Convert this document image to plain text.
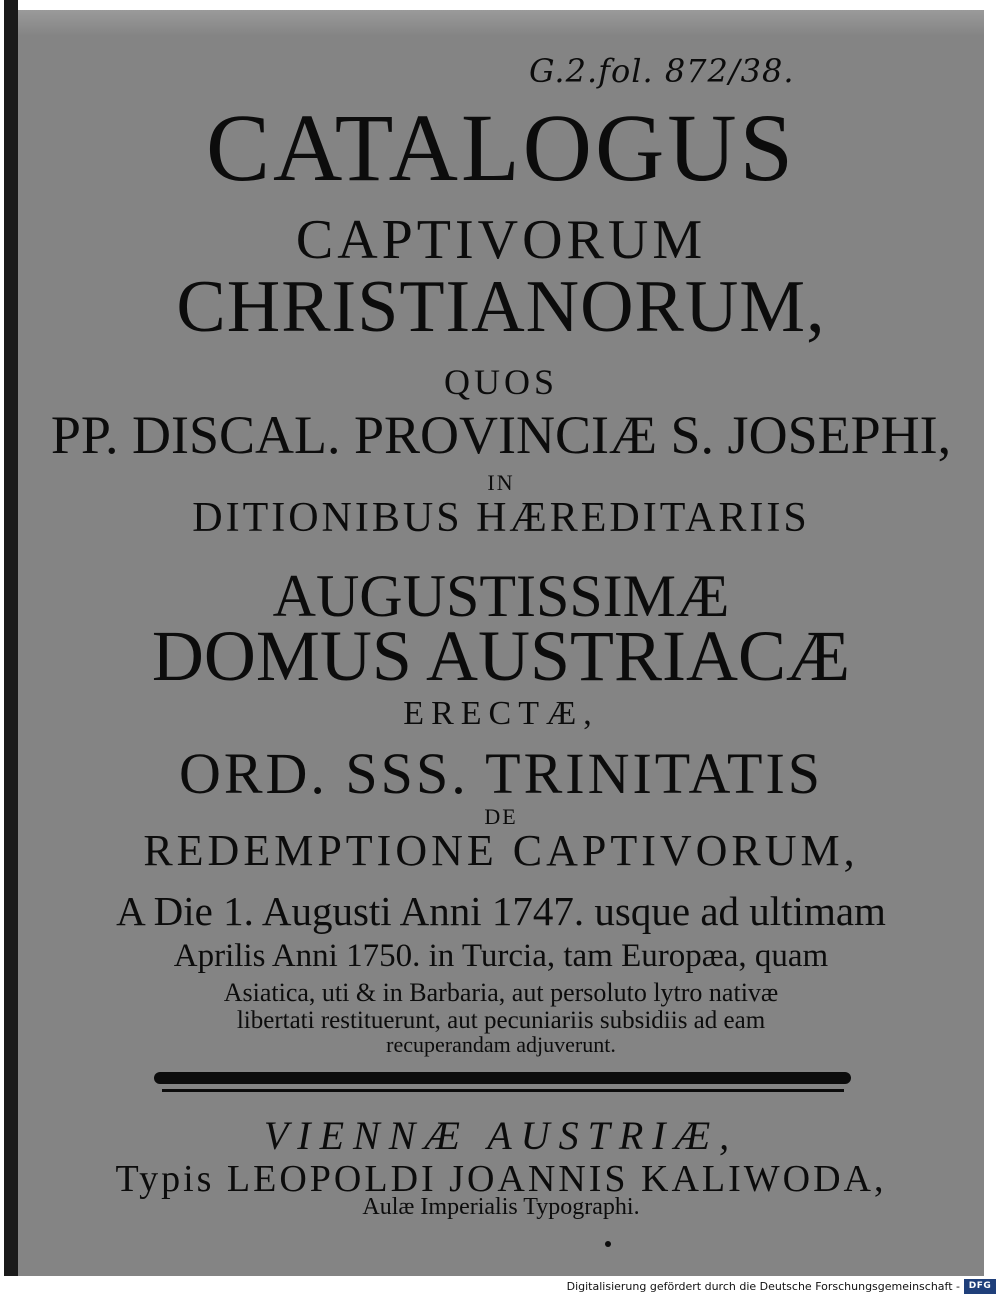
G.2.fol. 872/38.
CATALOGUS
CAPTIVORUM
CHRISTIANORUM,
QUOS
PP. DISCAL. PROVINCIÆ S. JOSEPHI,
IN
DITIONIBUS HÆREDITARIIS
AUGUSTISSIMÆ
DOMUS AUSTRIACÆ
ERECTÆ,
ORD. SSS. TRINITATIS
DE
REDEMPTIONE CAPTIVORUM,
A Die 1. Augusti Anni 1747. usque ad ultimam
Aprilis Anni 1750. in Turcia, tam Europæa, quam
Asiatica, uti & in Barbaria, aut persoluto lytro nativæ
libertati restituerunt, aut pecuniariis subsidiis ad eam
recuperandam adjuverunt.
VIENNÆ AUSTRIÆ,
Typis LEOPOLDI JOANNIS KALIWODA,
Aulæ Imperialis Typographi.
Digitalisierung gefördert durch die Deutsche Forschungsgemeinschaft - DFG
